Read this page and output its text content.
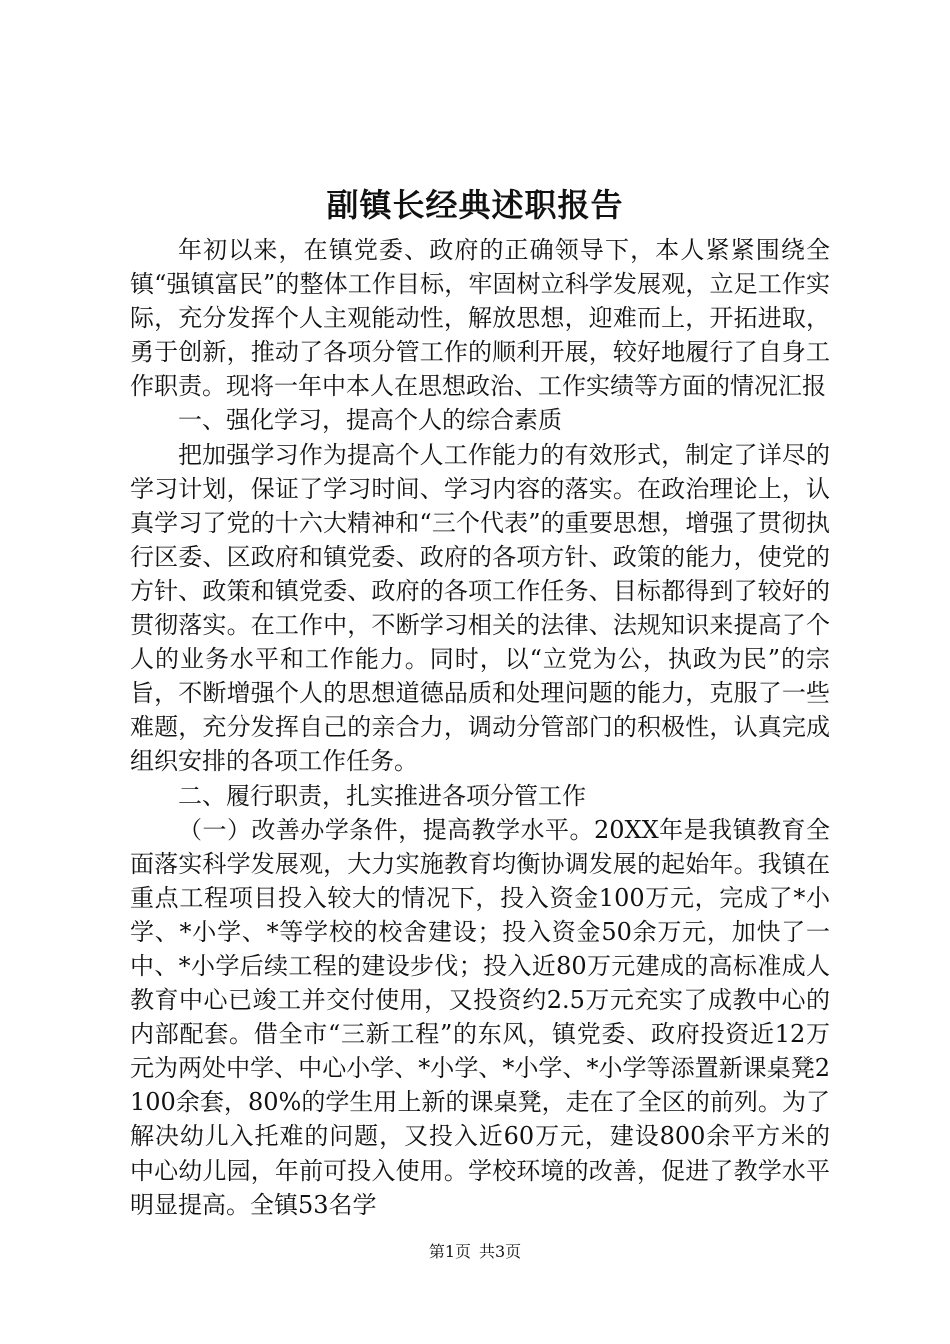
副镇长经典述职报告

年初以来，在镇党委、政府的正确领导下，本人紧紧围绕全镇“强镇富民”的整体工作目标，牢固树立科学发展观，立足工作实际，充分发挥个人主观能动性，解放思想，迎难而上，开拓进取，勇于创新，推动了各项分管工作的顺利开展，较好地履行了自身工作职责。现将一年中本人在思想政治、工作实绩等方面的情况汇报

一、强化学习，提高个人的综合素质

把加强学习作为提高个人工作能力的有效形式，制定了详尽的学习计划，保证了学习时间、学习内容的落实。在政治理论上，认真学习了党的十六大精神和“三个代表”的重要思想，增强了贯彻执行区委、区政府和镇党委、政府的各项方针、政策的能力，使党的方针、政策和镇党委、政府的各项工作任务、目标都得到了较好的贯彻落实。在工作中，不断学习相关的法律、法规知识来提高了个人的业务水平和工作能力。同时，以“立党为公，执政为民”的宗旨，不断增强个人的思想道德品质和处理问题的能力，克服了一些难题，充分发挥自己的亲合力，调动分管部门的积极性，认真完成组织安排的各项工作任务。

二、履行职责，扎实推进各项分管工作

（一）改善办学条件，提高教学水平。20XX年是我镇教育全面落实科学发展观，大力实施教育均衡协调发展的起始年。我镇在重点工程项目投入较大的情况下，投入资金100万元，完成了*小学、*小学、*等学校的校舍建设；投入资金50余万元，加快了一中、*小学后续工程的建设步伐；投入近80万元建成的高标准成人教育中心已竣工并交付使用，又投资约2.5万元充实了成教中心的内部配套。借全市“三新工程”的东风，镇党委、政府投资近12万元为两处中学、中心小学、*小学、*小学、*小学等添置新课桌凳2100余套，80%的学生用上新的课桌凳，走在了全区的前列。为了解决幼儿入托难的问题，又投入近60万元，建设800余平方米的中心幼儿园，年前可投入使用。学校环境的改善，促进了教学水平明显提高。全镇53名学

第1页 共3页
